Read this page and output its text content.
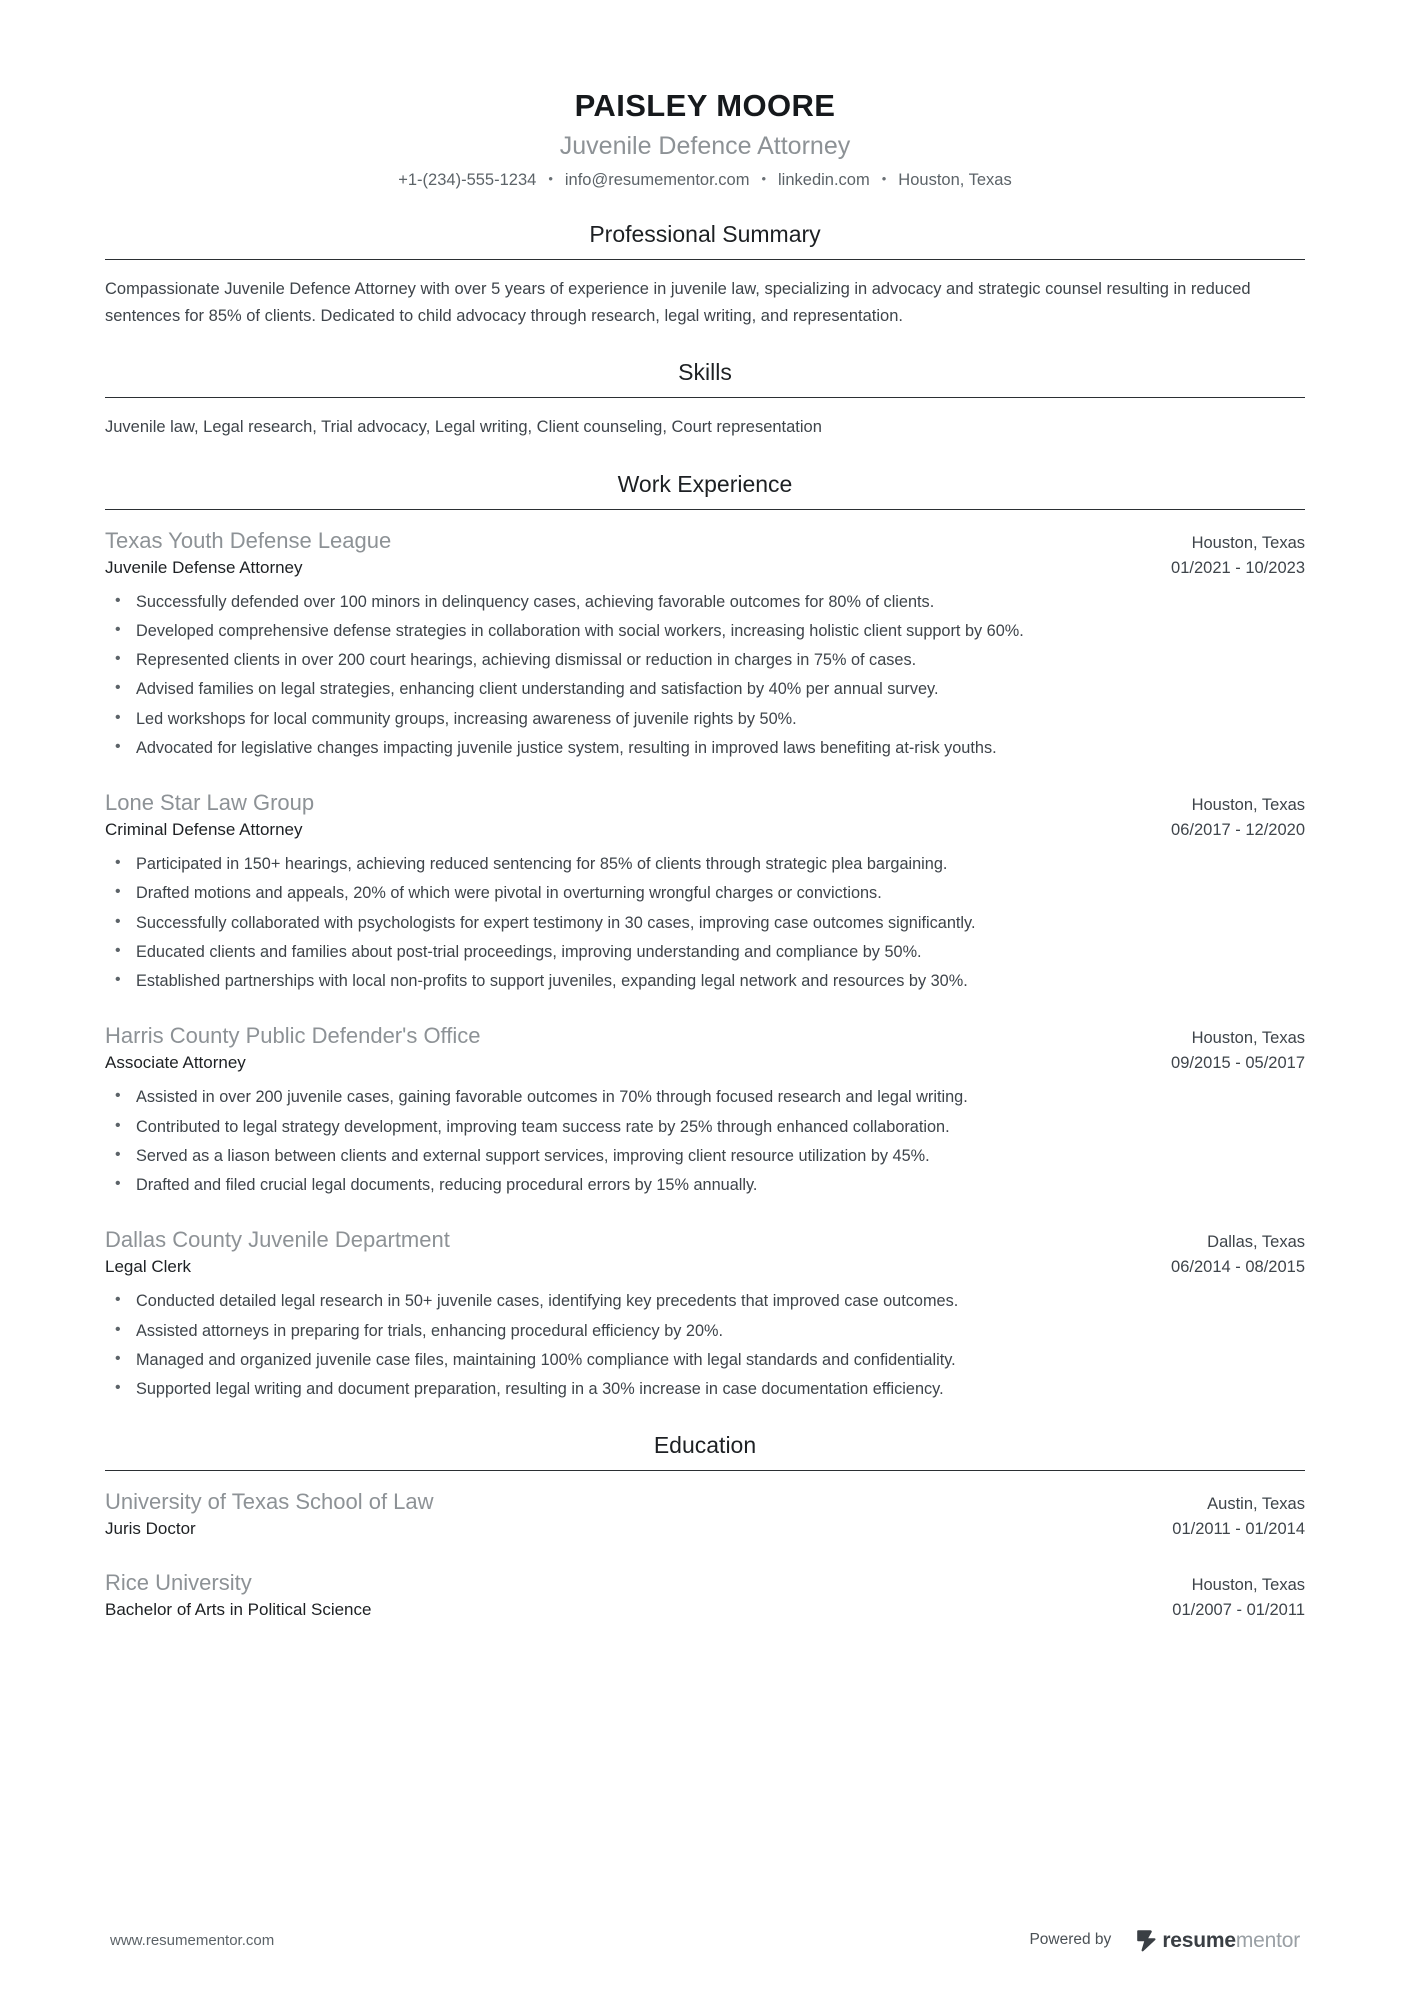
PAISLEY MOORE
Juvenile Defence Attorney
+1-(234)-555-1234 • info@resumementor.com • linkedin.com • Houston, Texas
Professional Summary
Compassionate Juvenile Defence Attorney with over 5 years of experience in juvenile law, specializing in advocacy and strategic counsel resulting in reduced sentences for 85% of clients. Dedicated to child advocacy through research, legal writing, and representation.
Skills
Juvenile law, Legal research, Trial advocacy, Legal writing, Client counseling, Court representation
Work Experience
Texas Youth Defense League	Houston, Texas
Juvenile Defense Attorney	01/2021 - 10/2023
• Successfully defended over 100 minors in delinquency cases, achieving favorable outcomes for 80% of clients.
• Developed comprehensive defense strategies in collaboration with social workers, increasing holistic client support by 60%.
• Represented clients in over 200 court hearings, achieving dismissal or reduction in charges in 75% of cases.
• Advised families on legal strategies, enhancing client understanding and satisfaction by 40% per annual survey.
• Led workshops for local community groups, increasing awareness of juvenile rights by 50%.
• Advocated for legislative changes impacting juvenile justice system, resulting in improved laws benefiting at-risk youths.
Lone Star Law Group	Houston, Texas
Criminal Defense Attorney	06/2017 - 12/2020
• Participated in 150+ hearings, achieving reduced sentencing for 85% of clients through strategic plea bargaining.
• Drafted motions and appeals, 20% of which were pivotal in overturning wrongful charges or convictions.
• Successfully collaborated with psychologists for expert testimony in 30 cases, improving case outcomes significantly.
• Educated clients and families about post-trial proceedings, improving understanding and compliance by 50%.
• Established partnerships with local non-profits to support juveniles, expanding legal network and resources by 30%.
Harris County Public Defender's Office	Houston, Texas
Associate Attorney	09/2015 - 05/2017
• Assisted in over 200 juvenile cases, gaining favorable outcomes in 70% through focused research and legal writing.
• Contributed to legal strategy development, improving team success rate by 25% through enhanced collaboration.
• Served as a liason between clients and external support services, improving client resource utilization by 45%.
• Drafted and filed crucial legal documents, reducing procedural errors by 15% annually.
Dallas County Juvenile Department	Dallas, Texas
Legal Clerk	06/2014 - 08/2015
• Conducted detailed legal research in 50+ juvenile cases, identifying key precedents that improved case outcomes.
• Assisted attorneys in preparing for trials, enhancing procedural efficiency by 20%.
• Managed and organized juvenile case files, maintaining 100% compliance with legal standards and confidentiality.
• Supported legal writing and document preparation, resulting in a 30% increase in case documentation efficiency.
Education
University of Texas School of Law	Austin, Texas
Juris Doctor	01/2011 - 01/2014
Rice University	Houston, Texas
Bachelor of Arts in Political Science	01/2007 - 01/2011
www.resumementor.com	Powered by resumementor
